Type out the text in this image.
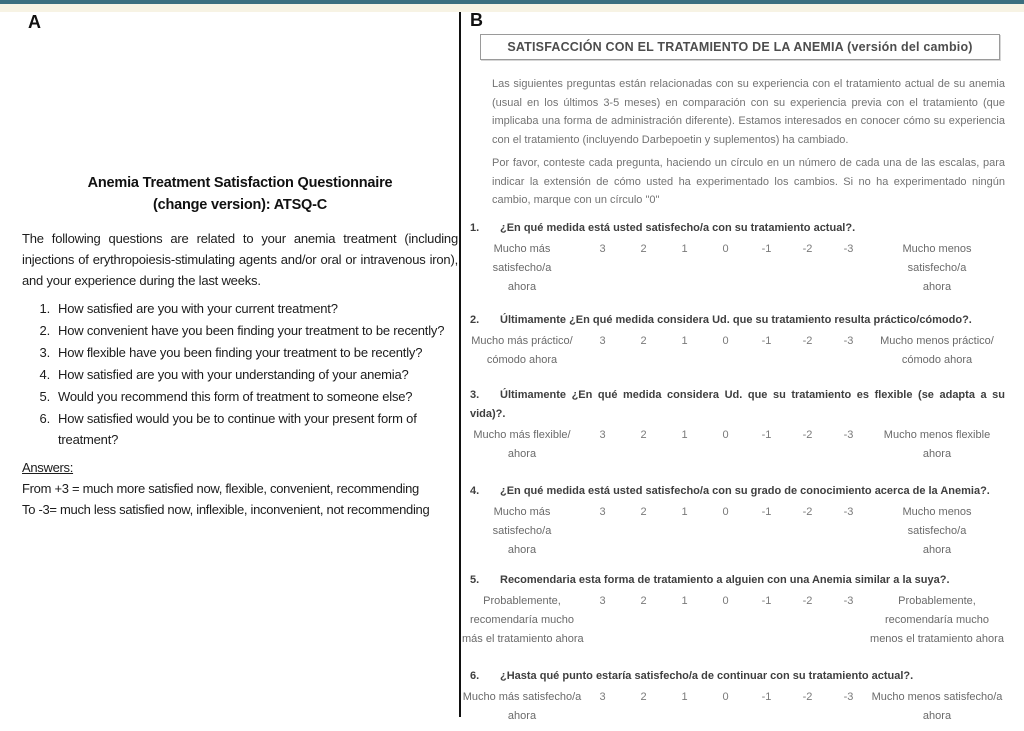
A
Anemia Treatment Satisfaction Questionnaire
(change version): ATSQ-C
The following questions are related to your anemia treatment (including injections of erythropoiesis-stimulating agents and/or oral or intravenous iron), and your experience during the last weeks.
1. How satisfied are you with your current treatment?
2. How convenient have you been finding your treatment to be recently?
3. How flexible have you been finding your treatment to be recently?
4. How satisfied are you with your understanding of your anemia?
5. Would you recommend this form of treatment to someone else?
6. How satisfied would you be to continue with your present form of treatment?
Answers:
From +3 = much more satisfied now, flexible, convenient, recommending
To -3= much less satisfied now, inflexible, inconvenient, not recommending
B
SATISFACCIÓN CON EL TRATAMIENTO DE LA ANEMIA (versión del cambio)
Las siguientes preguntas están relacionadas con su experiencia con el tratamiento actual de su anemia (usual en los últimos 3-5 meses) en comparación con su experiencia previa con el tratamiento (que implicaba una forma de administración diferente). Estamos interesados en conocer cómo su experiencia con el tratamiento (incluyendo Darbepoetin y suplementos) ha cambiado.
Por favor, conteste cada pregunta, haciendo un círculo en un número de cada una de las escalas, para indicar la extensión de cómo usted ha experimentado los cambios. Si no ha experimentado ningún cambio, marque con un círculo "0"
1.	¿En qué medida está usted satisfecho/a con su tratamiento actual?.
Mucho más
satisfecho/a
ahora
3	2	1	0	-1	-2	-3	Mucho menos
satisfecho/a
ahora
2.	Últimamente ¿En qué medida considera Ud. que su tratamiento resulta práctico/cómodo?.
Mucho más práctico/
cómodo ahora
3	2	1	0	-1	-2	-3	Mucho menos práctico/
cómodo ahora
3. Últimamente ¿En qué medida considera Ud. que su tratamiento es flexible (se adapta a su vida)?.
Mucho más flexible/
ahora
3	2	1	0	-1	-2	-3	Mucho menos flexible
ahora
4.	¿En qué medida está usted satisfecho/a con su grado de conocimiento acerca de la Anemia?.
Mucho más
satisfecho/a
ahora
3	2	1	0	-1	-2	-3	Mucho menos
satisfecho/a
ahora
5.	Recomendaria esta forma de tratamiento a alguien con una Anemia similar a la suya?.
Probablemente,
recomendaría mucho
más el tratamiento ahora
3	2	1	0	-1	-2	-3	Probablemente,
recomendaría mucho
menos el tratamiento ahora
6.	¿Hasta qué punto estaría satisfecho/a de continuar con su tratamiento actual?.
Mucho más satisfecho/a
ahora
3	2	1	0	-1	-2	-3	Mucho menos satisfecho/a
ahora
